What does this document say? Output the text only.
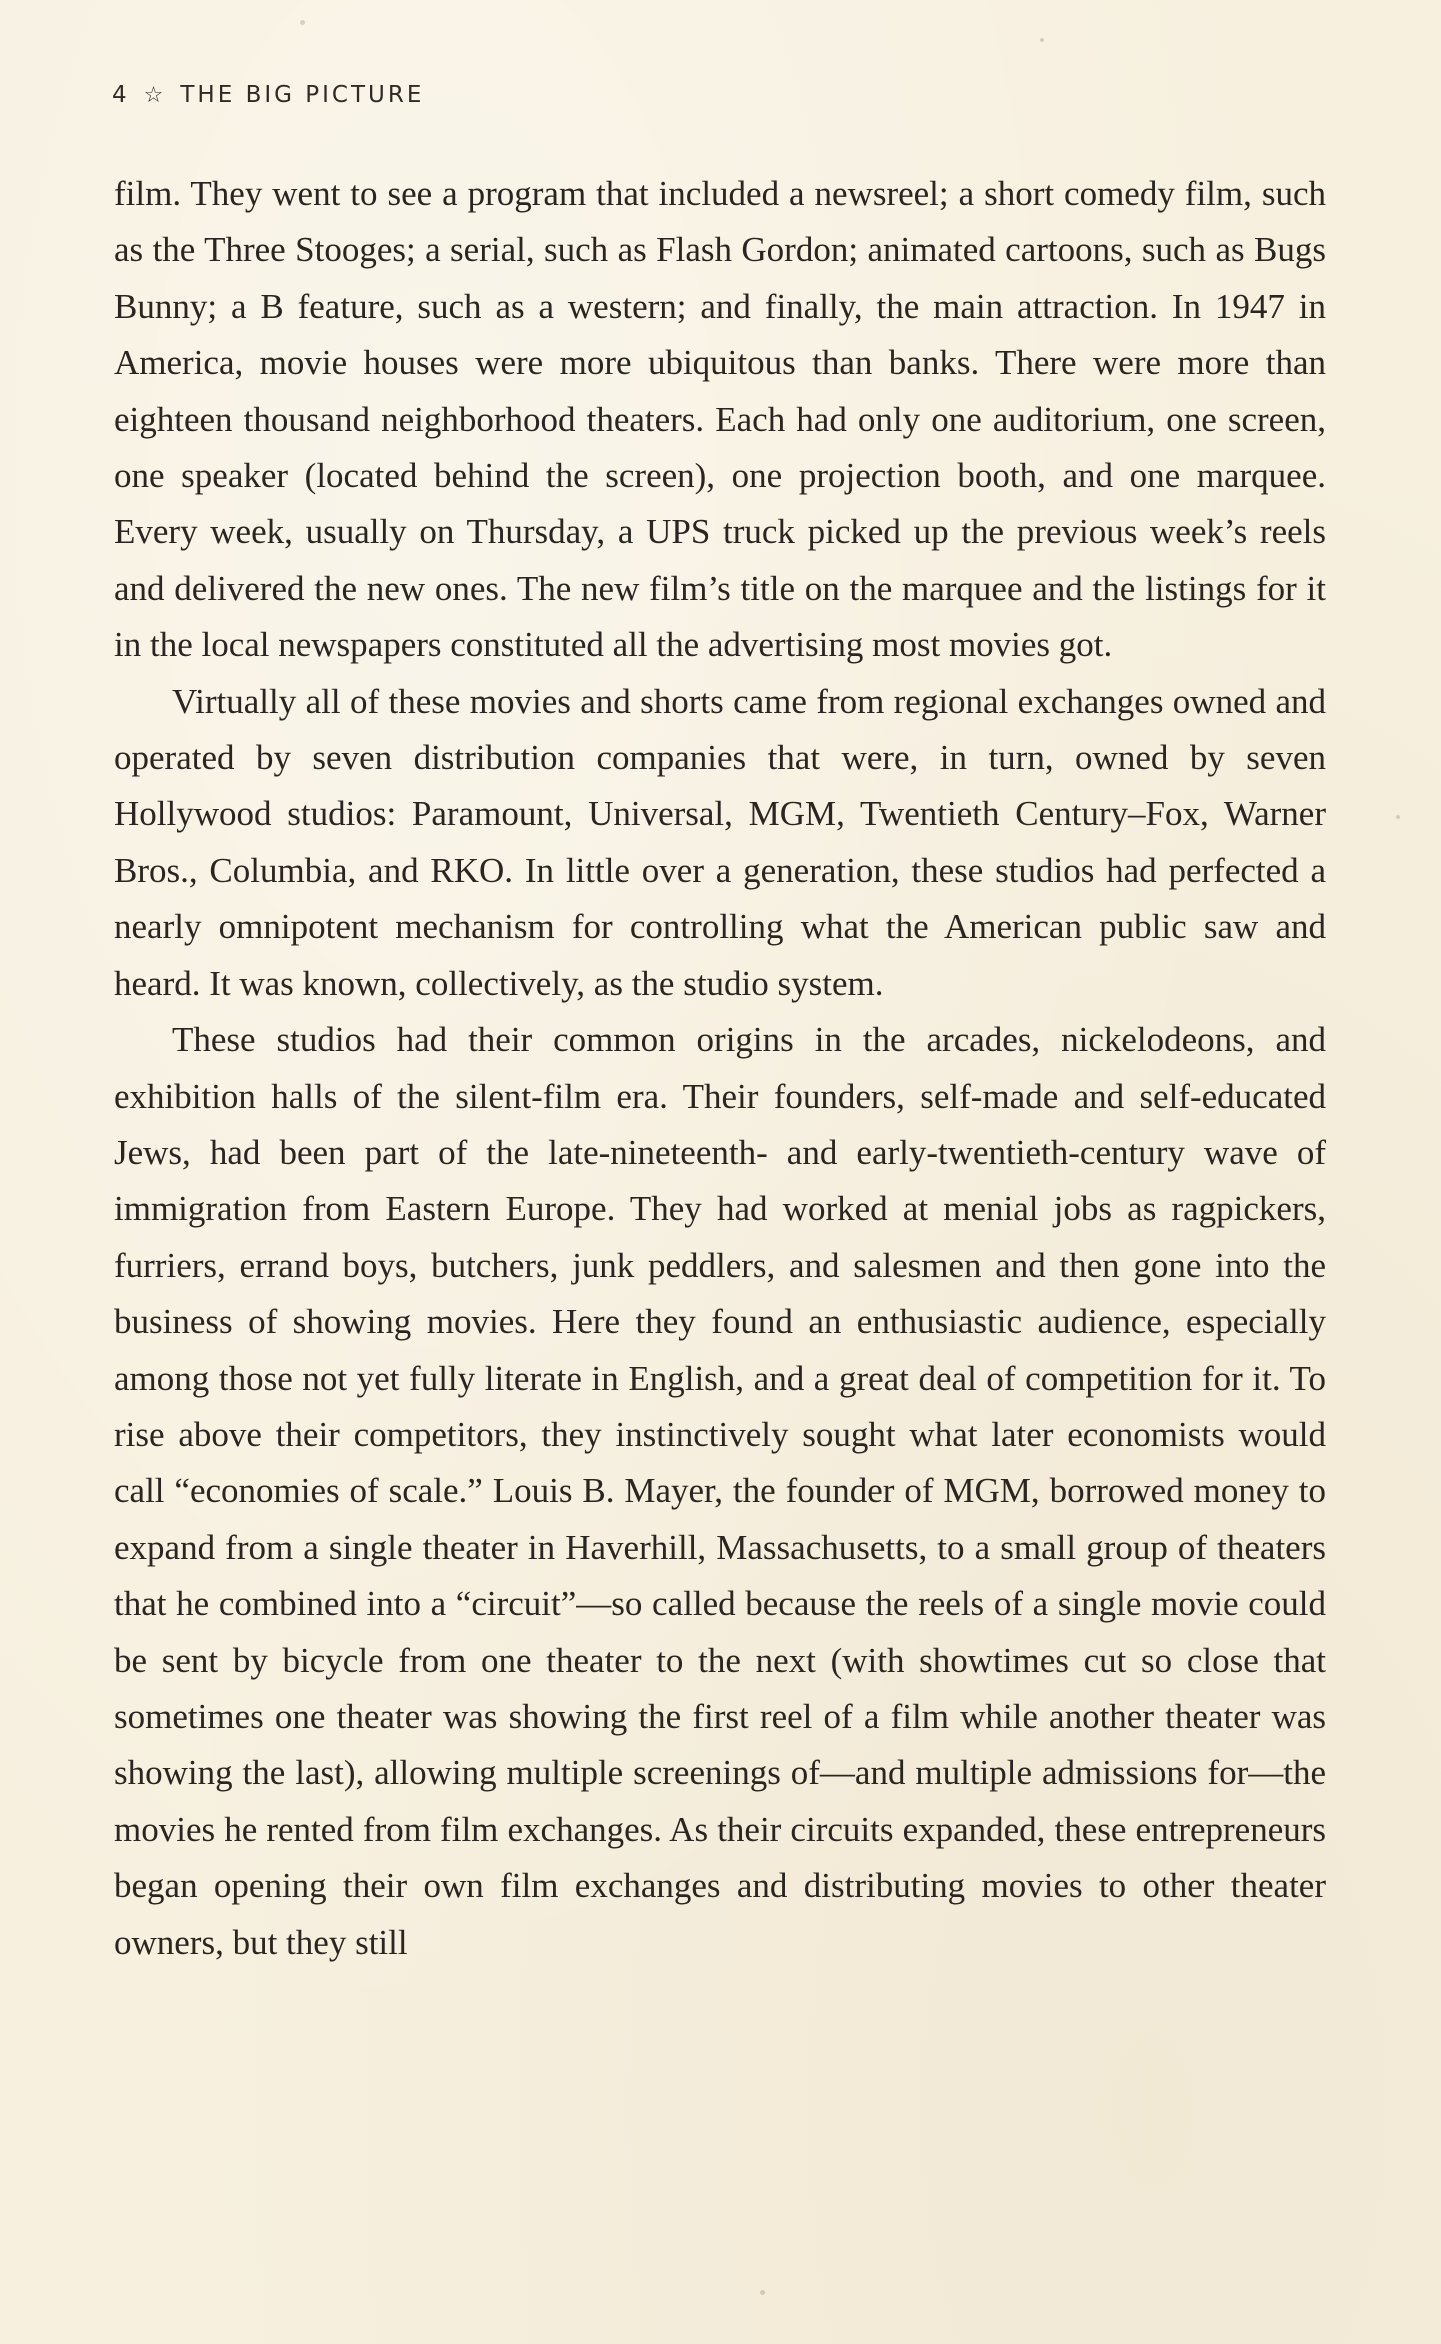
4 ☆ THE BIG PICTURE

film. They went to see a program that included a newsreel; a short comedy film, such as the Three Stooges; a serial, such as Flash Gordon; animated cartoons, such as Bugs Bunny; a B feature, such as a western; and finally, the main attraction. In 1947 in America, movie houses were more ubiquitous than banks. There were more than eighteen thousand neighborhood theaters. Each had only one auditorium, one screen, one speaker (located behind the screen), one projection booth, and one marquee. Every week, usually on Thursday, a UPS truck picked up the previous week’s reels and delivered the new ones. The new film’s title on the marquee and the listings for it in the local newspapers constituted all the advertising most movies got.

Virtually all of these movies and shorts came from regional exchanges owned and operated by seven distribution companies that were, in turn, owned by seven Hollywood studios: Paramount, Universal, MGM, Twentieth Century–Fox, Warner Bros., Columbia, and RKO. In little over a generation, these studios had perfected a nearly omnipotent mechanism for controlling what the American public saw and heard. It was known, collectively, as the studio system.

These studios had their common origins in the arcades, nickelodeons, and exhibition halls of the silent-film era. Their founders, self-made and self-educated Jews, had been part of the late-nineteenth- and early-twentieth-century wave of immigration from Eastern Europe. They had worked at menial jobs as ragpickers, furriers, errand boys, butchers, junk peddlers, and salesmen and then gone into the business of showing movies. Here they found an enthusiastic audience, especially among those not yet fully literate in English, and a great deal of competition for it. To rise above their competitors, they instinctively sought what later economists would call “economies of scale.” Louis B. Mayer, the founder of MGM, borrowed money to expand from a single theater in Haverhill, Massachusetts, to a small group of theaters that he combined into a “circuit”—so called because the reels of a single movie could be sent by bicycle from one theater to the next (with showtimes cut so close that sometimes one theater was showing the first reel of a film while another theater was showing the last), allowing multiple screenings of—and multiple admissions for—the movies he rented from film exchanges. As their circuits expanded, these entrepreneurs began opening their own film exchanges and distributing movies to other theater owners, but they still
